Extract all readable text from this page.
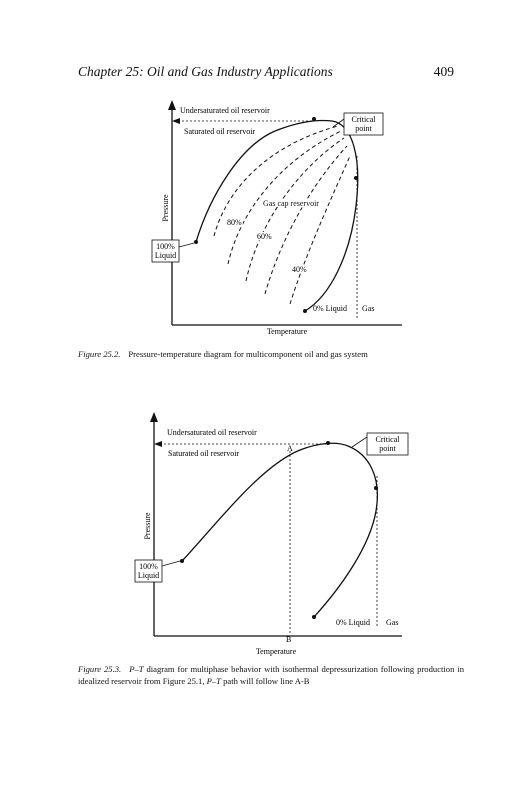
Chapter 25: Oil and Gas Industry Applications	409
Undersaturated oil reservoir
Saturated oil reservoir
Critical
point
Gas cap reservoir
80%
60%
40%
100%
Liquid
0% Liquid Gas
Pressure
Temperature
Figure 25.2. Pressure-temperature diagram for multicomponent oil and gas system
Undersaturated oil reservoir
Saturated oil reservoir
A
B
Critical
point
100%
Liquid
0% Liquid Gas
Pressure
Temperature
Figure 25.3. P–T diagram for multiphase behavior with isothermal depressurization following production in idealized reservoir from Figure 25.1, P–T path will follow line A-B
